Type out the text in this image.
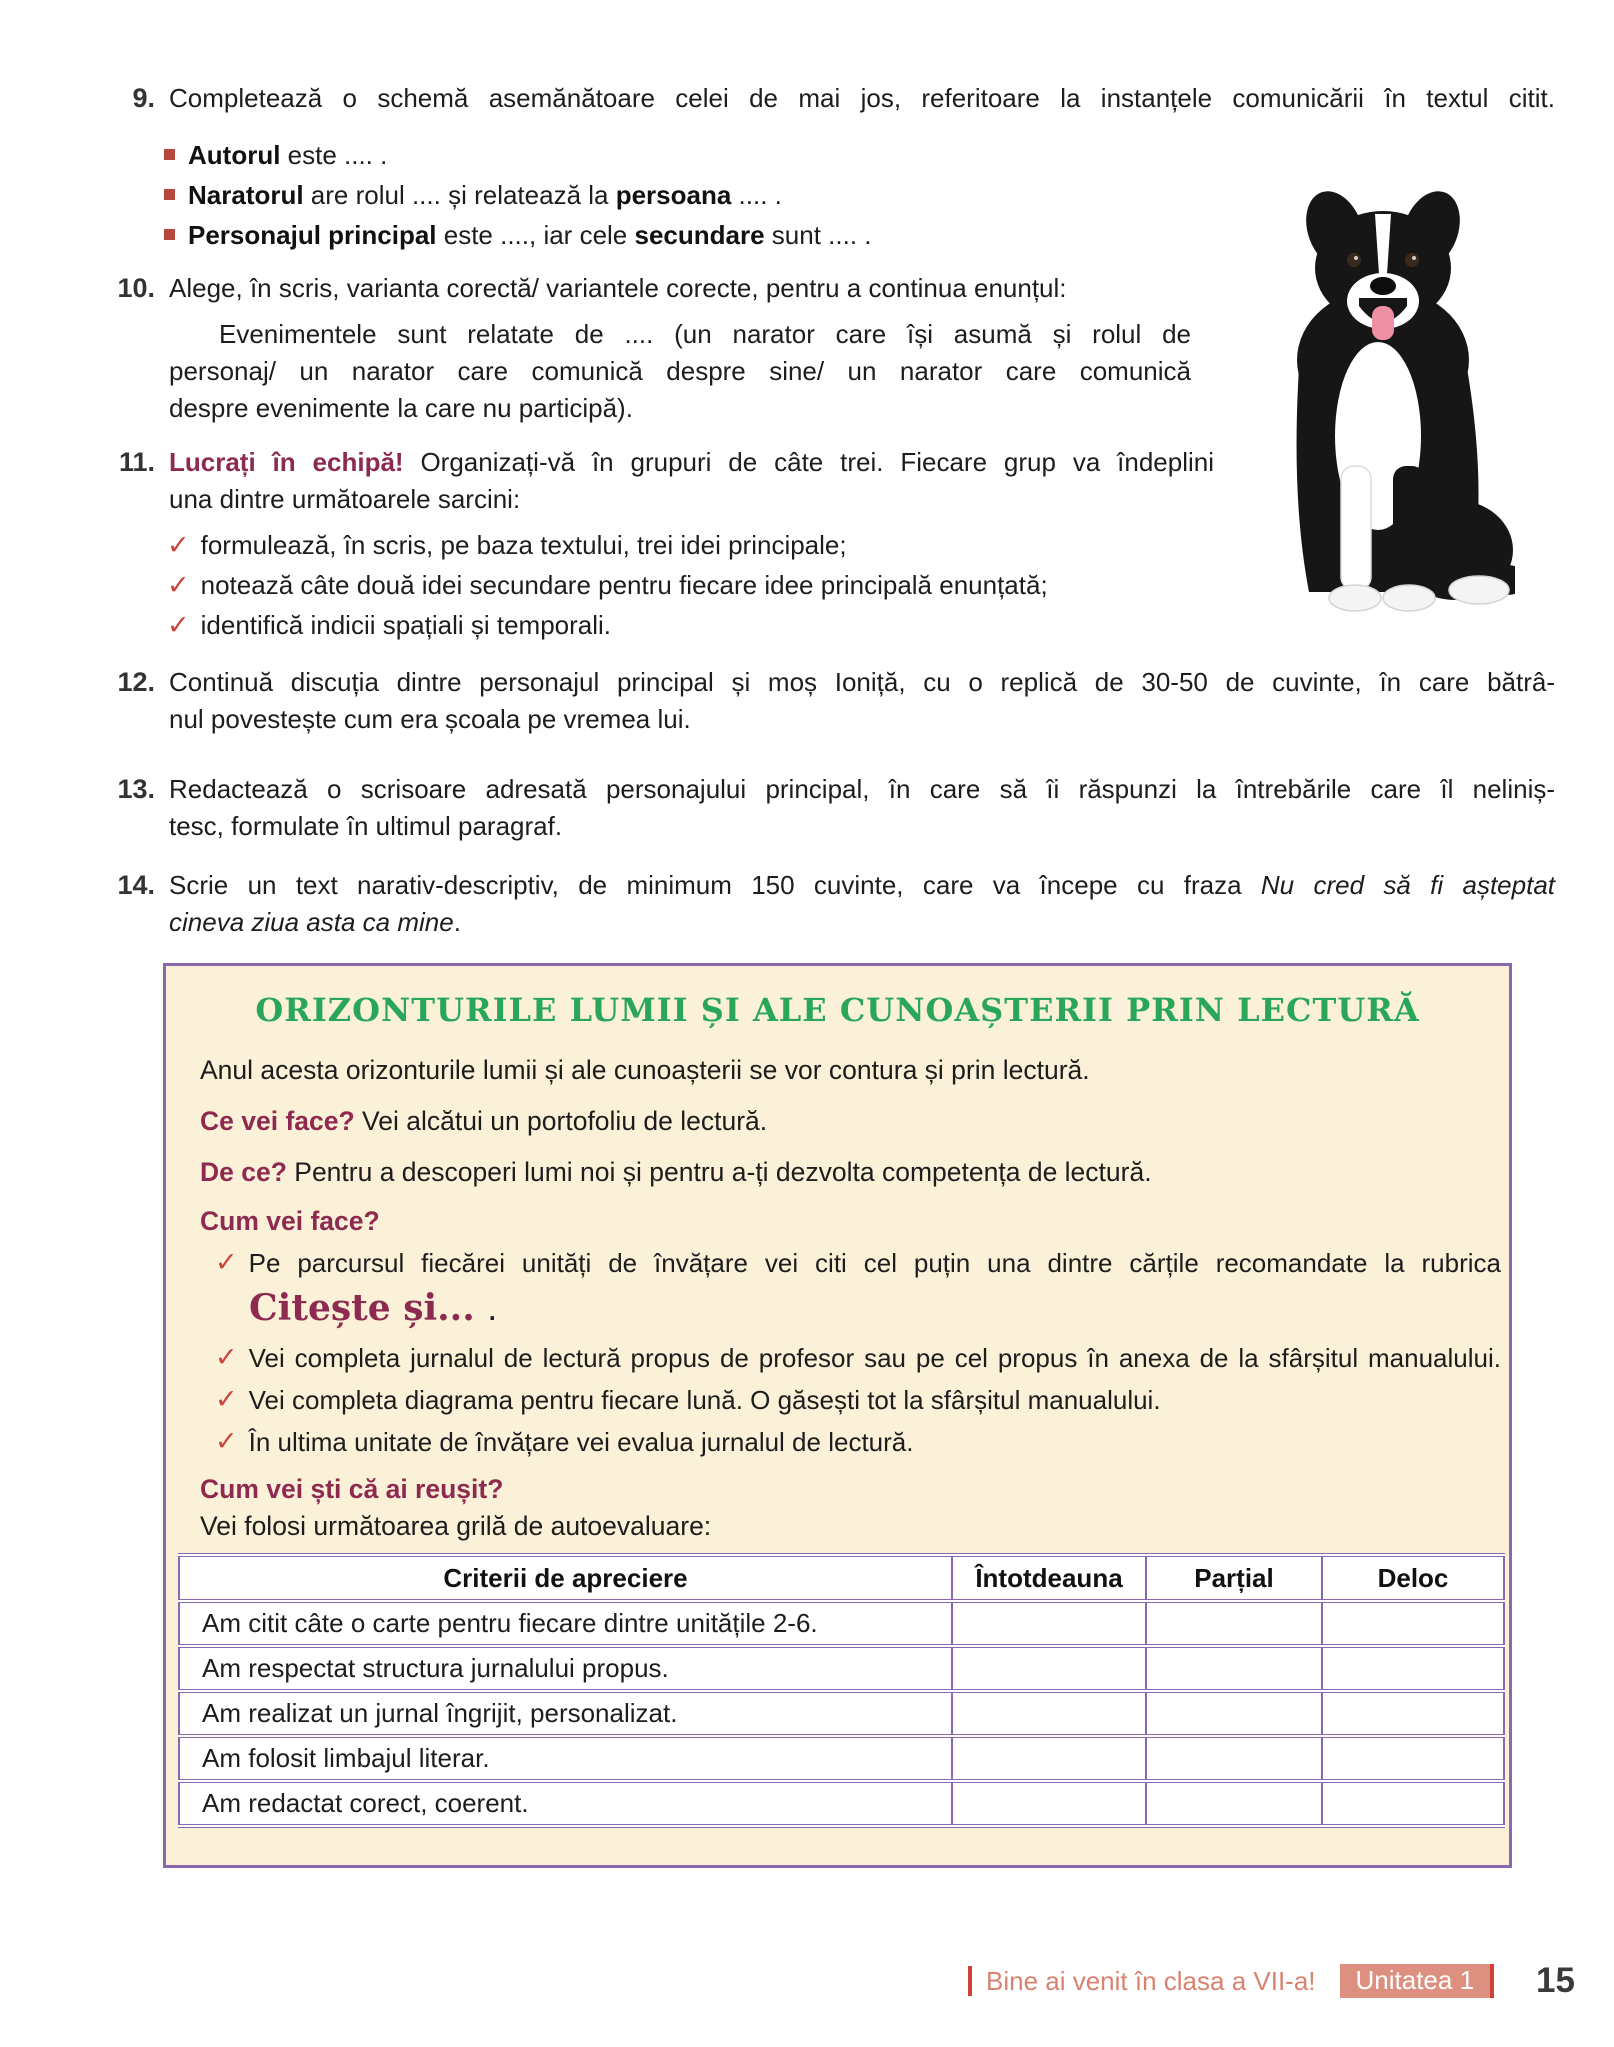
9. Completează o schemă asemănătoare celei de mai jos, referitoare la instanțele comunicării în textul citit.
Autorul este .... .
Naratorul are rolul .... și relatează la persoana .... .
Personajul principal este ...., iar cele secundare sunt .... .
10. Alege, în scris, varianta corectă/ variantele corecte, pentru a continua enunțul:
Evenimentele sunt relatate de .... (un narator care își asumă și rolul de
personaj/ un narator care comunică despre sine/ un narator care comunică
despre evenimente la care nu participă).
11. Lucrați în echipă! Organizați-vă în grupuri de câte trei. Fiecare grup va îndeplini
una dintre următoarele sarcini:
✓ formulează, în scris, pe baza textului, trei idei principale;
✓ notează câte două idei secundare pentru fiecare idee principală enunțată;
✓ identifică indicii spațiali și temporali.
12. Continuă discuția dintre personajul principal și moș Ioniță, cu o replică de 30-50 de cuvinte, în care bătrâ-
nul povestește cum era școala pe vremea lui.
13. Redactează o scrisoare adresată personajului principal, în care să îi răspunzi la întrebările care îl neliniș-
tesc, formulate în ultimul paragraf.
14. Scrie un text narativ-descriptiv, de minimum 150 cuvinte, care va începe cu fraza Nu cred să fi așteptat
cineva ziua asta ca mine.
ORIZONTURILE LUMII ȘI ALE CUNOAȘTERII PRIN LECTURĂ
Anul acesta orizonturile lumii și ale cunoașterii se vor contura și prin lectură.
Ce vei face? Vei alcătui un portofoliu de lectură.
De ce? Pentru a descoperi lumi noi și pentru a-ți dezvolta competența de lectură.
Cum vei face?
✓ Pe parcursul fiecărei unități de învățare vei citi cel puțin una dintre cărțile recomandate la rubrica
Citește și... .
✓ Vei completa jurnalul de lectură propus de profesor sau pe cel propus în anexa de la sfârșitul manualului.
✓ Vei completa diagrama pentru fiecare lună. O găsești tot la sfârșitul manualului.
✓ În ultima unitate de învățare vei evalua jurnalul de lectură.
Cum vei ști că ai reușit?
Vei folosi următoarea grilă de autoevaluare:
Criterii de apreciere	Întotdeauna	Parțial	Deloc
Am citit câte o carte pentru fiecare dintre unitățile 2-6.			
Am respectat structura jurnalului propus.			
Am realizat un jurnal îngrijit, personalizat.			
Am folosit limbajul literar.			
Am redactat corect, coerent.			
Bine ai venit în clasa a VII-a!	Unitatea 1	15
